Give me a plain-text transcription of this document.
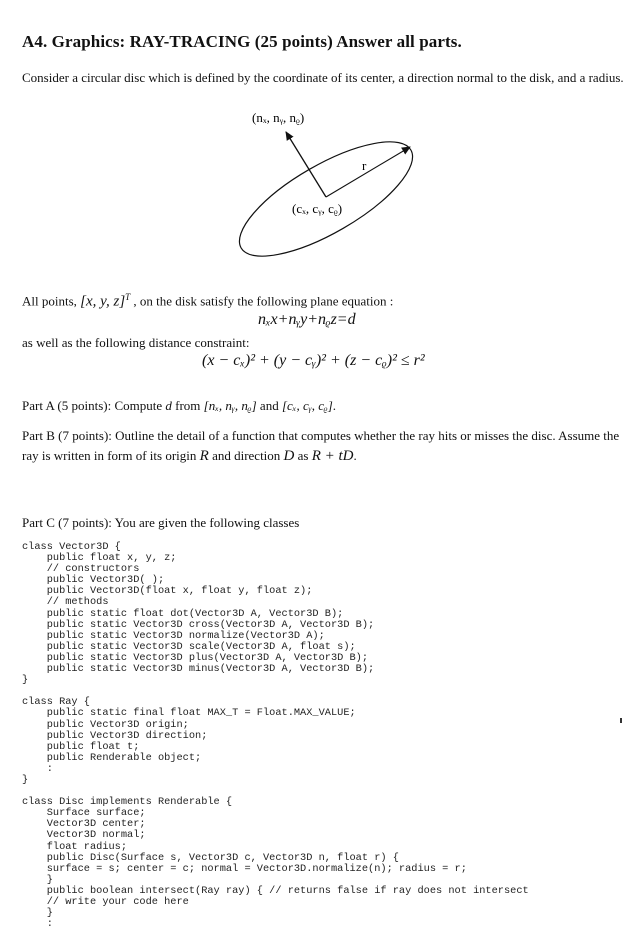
A4. Graphics: RAY-TRACING (25 points) Answer all parts.
Consider a circular disc which is defined by the coordinate of its center, a direction normal to the disk, and a radius.
(nₓ, nᵧ, nᵨ)
r
(cₓ, cᵧ, cᵨ)
All points, [x, y, z]$^T$ , on the disk satisfy the following plane equation :
nₓx+nᵧy+nᵨz=d
as well as the following distance constraint:
(x − cₓ)² + (y − cᵧ)² + (z − cᵨ)² ≤ r²
Part A (5 points): Compute d from [nₓ, nᵧ, nᵨ] and [cₓ, cᵧ, cᵨ].
Part B (7 points): Outline the detail of a function that computes whether the ray hits or misses the disc. Assume the ray is written in form of its origin R and direction D as R + tD.
Part C (7 points): You are given the following classes
class Vector3D {
public float x, y, z;
// constructors
public Vector3D( );
public Vector3D(float x, float y, float z);
// methods
public static float dot(Vector3D A, Vector3D B);
public static Vector3D cross(Vector3D A, Vector3D B);
public static Vector3D normalize(Vector3D A);
public static Vector3D scale(Vector3D A, float s);
public static Vector3D plus(Vector3D A, Vector3D B);
public static Vector3D minus(Vector3D A, Vector3D B);
}

class Ray {
public static final float MAX_T = Float.MAX_VALUE;
public Vector3D origin;
public Vector3D direction;
public float t;
public Renderable object;
:
}

class Disc implements Renderable {
Surface surface;
Vector3D center;
Vector3D normal;
float radius;
public Disc(Surface s, Vector3D c, Vector3D n, float r) {
surface = s; center = c; normal = Vector3D.normalize(n); radius = r;
}
public boolean intersect(Ray ray) { // returns false if ray does not intersect
// write your code here
}
:
